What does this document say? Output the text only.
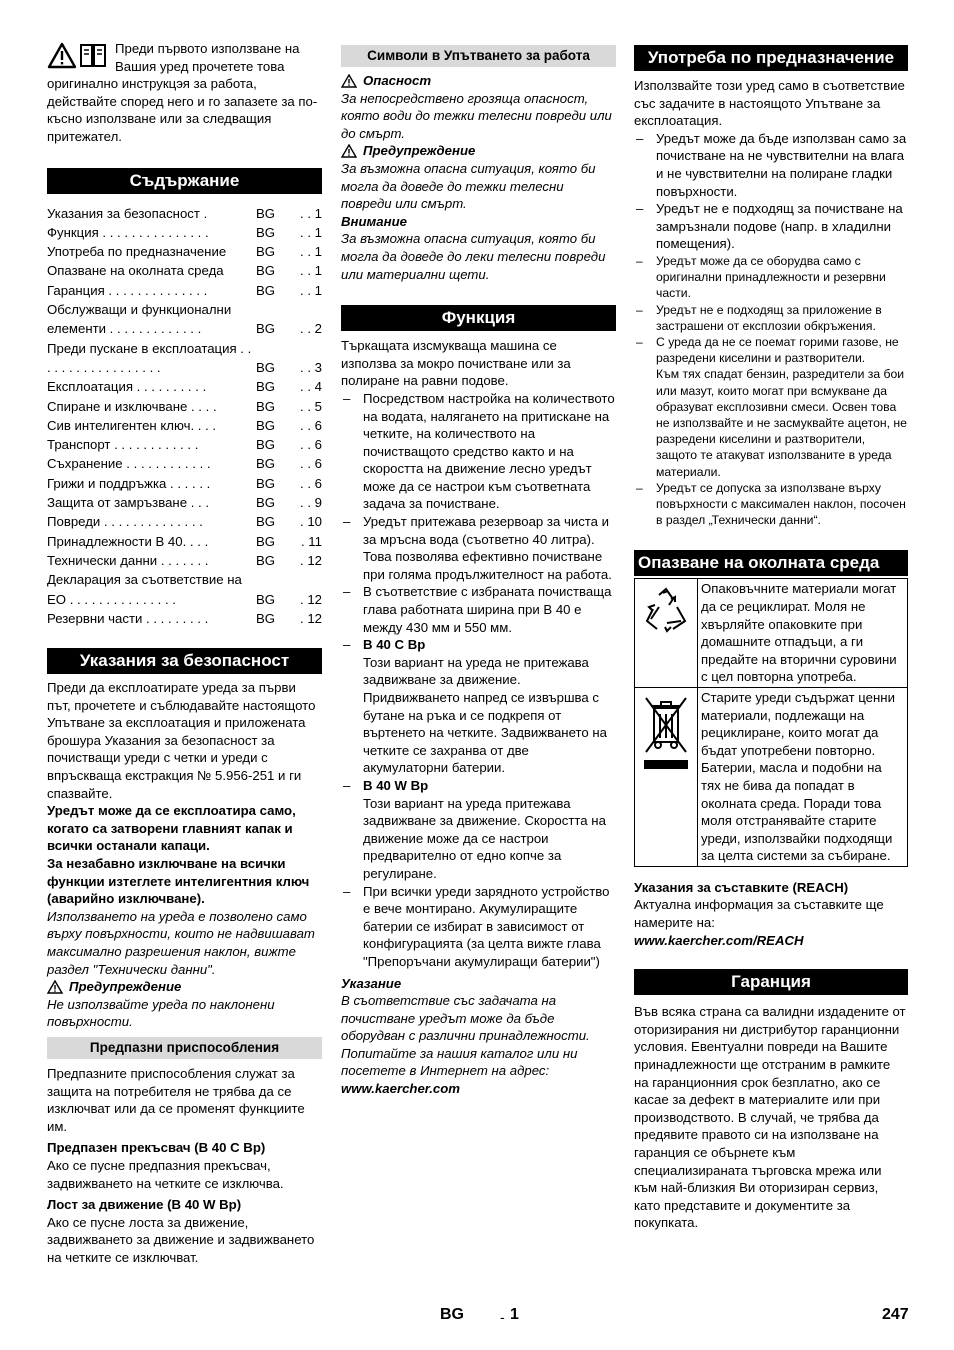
Преди първото използване на Вашия уред прочетете това оригинално инструкцэя за работа, действайте според него и го запазете за по-късно използване или за следващия притежател.

Съдържание
Указания за безопасност .	BG	. . 1
Функция . . . . . . . . . . . . . . .	BG	. . 1
Употреба по предназначение	BG	. . 1
Опазване на околната среда	BG	. . 1
Гаранция . . . . . . . . . . . . . .	BG	. . 1
Обслужващи и функционални елементи . . . . . . . . . . . . .	BG	. . 2
Преди пускане в експлоатация . . . . . . . . . . . . . . . . . .	BG	. . 3
Експлоатация . . . . . . . . . .	BG	. . 4
Спиране и изключване . . . .	BG	. . 5
Сив интелигентен ключ. . . .	BG	. . 6
Транспорт . . . . . . . . . . . .	BG	. . 6
Съхранение . . . . . . . . . . . .	BG	. . 6
Грижи и поддръжка . . . . . .	BG	. . 6
Защита от замръзване . . .	BG	. . 9
Повреди . . . . . . . . . . . . . .	BG	. 10
Принадлежности B 40. . . .	BG	. 11
Технически данни . . . . . . .	BG	. 12
Декларация за съответствие на ЕО . . . . . . . . . . . . . . .	BG	. 12
Резервни части . . . . . . . . .	BG	. 12
Указания за безопасност

Преди да експлоатирате уреда за първи път, прочетете и съблюдавайте настоящото Упътване за експлоатация и приложената брошура Указания за безопасност за почистващи уреди с четки и уреди с впръскваща екстракция № 5.956-251 и ги спазвайте.

Уредът може да се експлоатира само, когато са затворени главният капак и всички останали капаци.

За незабавно изключване на всички функции изтеглете интелигентния ключ (аварийно изключване).

Използването на уреда е позволено само върху повърхности, които не надвишават максимално разрешения наклон, вижте раздел "Технически данни".

Предупреждение

Не използвайте уреда по наклонени повърхности.

Предпазни приспособления

Предпазните приспособления служат за защита на потребителя не трябва да се изключват или да се променят функциите им.

Предпазен прекъсвач (B 40 C Bp)

Ако се пусне предпазния прекъсвач, задвижването на четките се изключва.

Лост за движение (B 40 W Bp)

Ако се пусне лоста за движение, задвижването за движение и задвижването на четките се изключват.

Символи в Упътването за работа
Опасност

За непосредствено грозяща опасност, която води до тежки телесни повреди или до смърт.

Предупреждение

За възможна опасна ситуация, която би могла да доведе до тежки телесни повреди или смърт.

Внимание

За възможна опасна ситуация, която би могла да доведе до леки телесни повреди или материални щети.

Функция

Търкащата изсмукваща машина се използва за мокро почистване или за полиране на равни подове.

– Посредством настройка на количеството на водата, налягането на притискане на четките, на количеството на почистващото средство както и на скоростта на движение лесно уредът може да се настрои към съответната задача за почистване.
– Уредът притежава резервоар за чиста и за мръсна вода (съответно 40 литра). Това позволява ефективно почистване при голяма продължителност на работа.
– В съответствие с избраната почистваща глава работната ширина при B 40 е между 430 мм и 550 мм.
– B 40 C Bp
Този вариант на уреда не притежава задвижване за движение. Придвижването напред се извършва с бутане на ръка и се подкрепя от въртенето на четките. Задвижването на четките се захранва от две акумулаторни батерии.
– B 40 W Bp
Този вариант на уреда притежава задвижване за движение. Скоростта на движение може да се настрои предварително от едно копче за регулиране.
– При всички уреди зарядното устройство е вече монтирано. Акумулиращите батерии се избират в зависимост от конфигурацията (за целта вижте глава "Препоръчани акумулиращи батерии")

Указание

В съответствие със задачата на почистване уредът може да бъде оборудван с различни принадлежности. Попитайте за нашия каталог или ни посетете в Интернет на адрес:

www.kaercher.com

Употреба по предназначение

Използвайте този уред само в съответствие със задачите в настоящото Упътване за експлоатация.

– Уредът може да бъде използван само за почистване на не чувствителни на влага и не чувствителни на полиране гладки повърхности.
– Уредът не е подходящ за почистване на замръзнали подове (напр. в хладилни помещения).
– Уредът може да се оборудва само с оригинални принадлежности и резервни части.
– Уредът не е подходящ за приложение в застрашени от експлозии обкръжения.
– С уреда да не се поемат горими газове, не разредени киселини и разтворители.
Към тях спадат бензин, разредители за бои или мазут, които могат при всмукване да образуват експлозивни смеси. Освен това не използвайте и не засмуквайте ацетон, не разредени киселини и разтворители, защото те атакуват използваните в уреда материали.
– Уредът се допуска за използване върху повърхности с максимален наклон, посочен в раздел „Технически данни“.
Опазване на околната среда
	Опаковъчните материали могат да се рециклират. Моля не хвърляйте опаковките при домашните отпадъци, а ги предайте на вторични суровини с цел повторна употреба.
	Старите уреди съдържат ценни материали, подлежащи на рециклиране, които могат да бъдат употребени повторно. Батерии, масла и подобни на тях не бива да попадат в околната среда. Поради това моля отстранявайте старите уреди, използвайки подходящи за целта системи за събиране.

Указания за съставките (REACH)

Актуална информация за съставките ще намерите на:

www.kaercher.com/REACH

Гаранция

Във всяка страна са валидни издадените от оторизирания ни дистрибутор гаранционни условия. Евентуални повреди на Вашите принадлежности ще отстраним в рамките на гаранционния срок безплатно, ако се касае за дефект в материалите или при производството. В случай, че трябва да предявите правото си на използване на гаранция се обърнете към специализираната търговска мрежа или към най-близкия Ви оторизиран сервиз, като представите и документите за покупката.

BG	- 1	247
